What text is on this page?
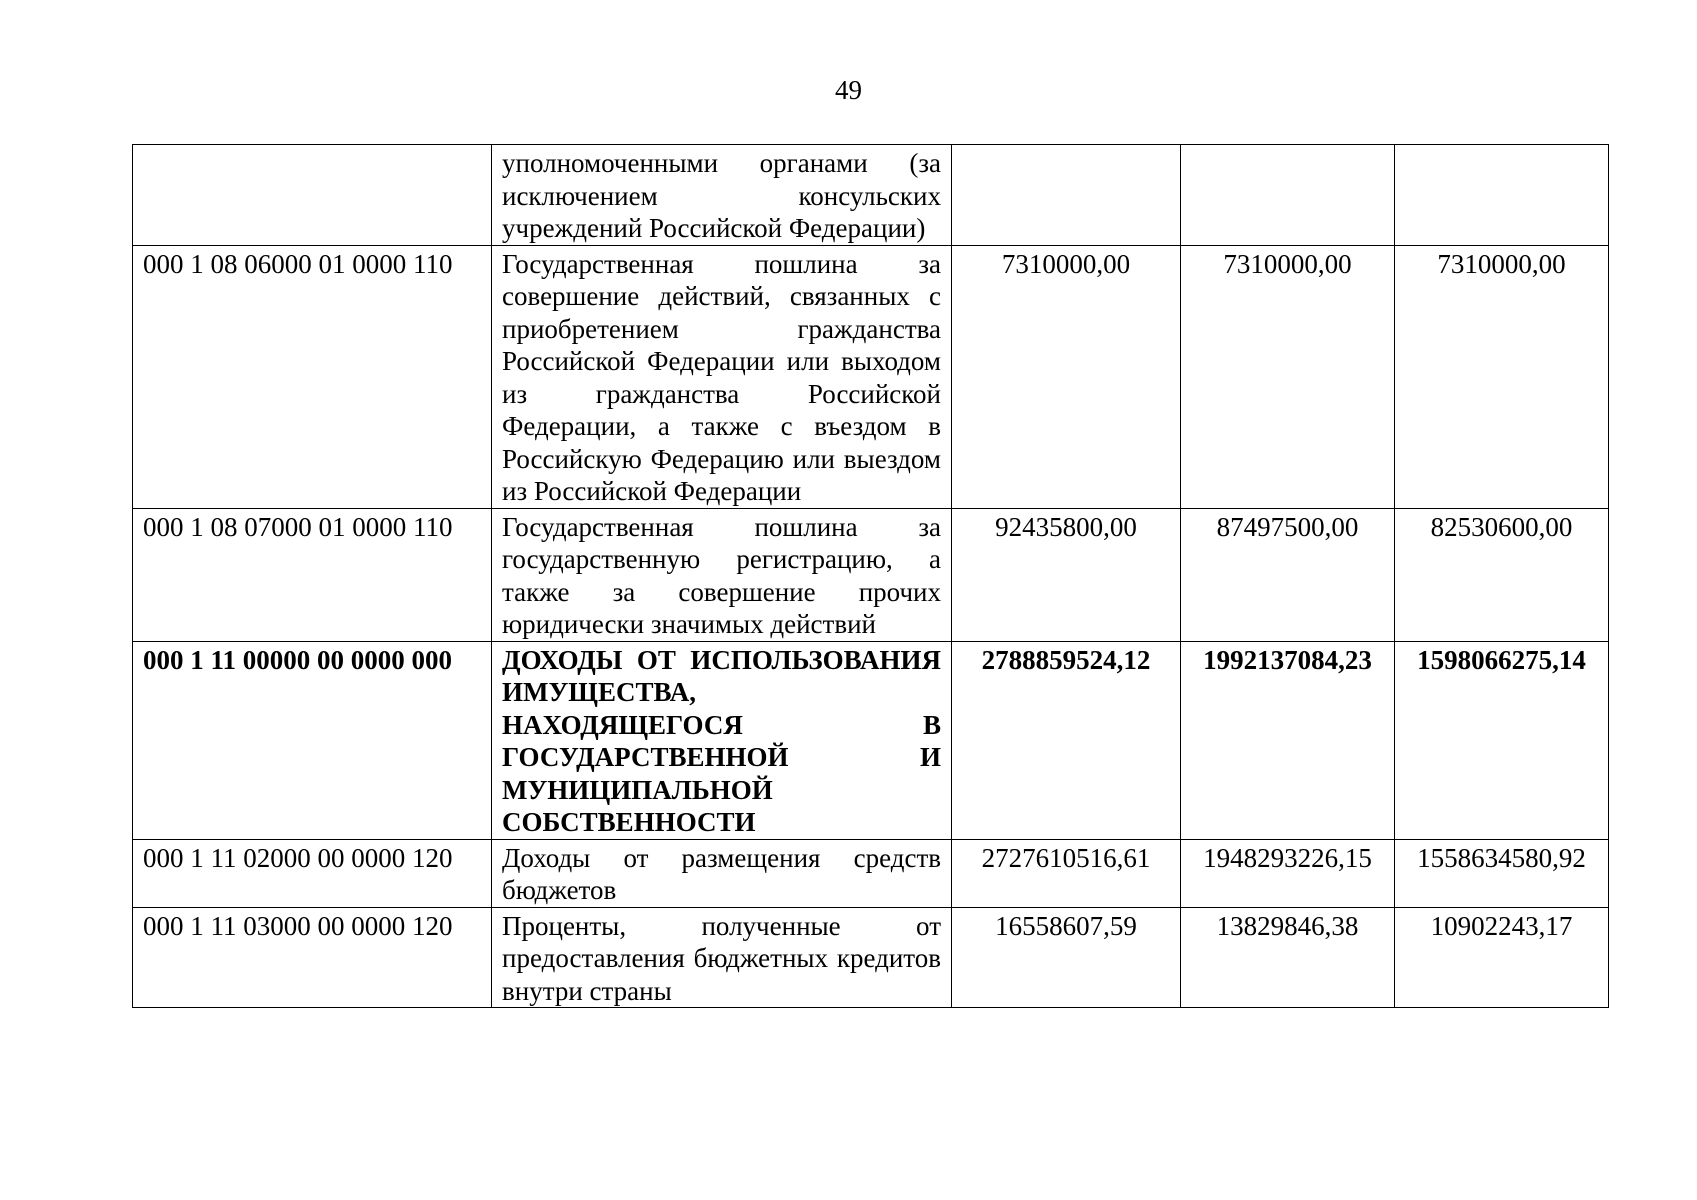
49
	уполномоченными органами (за исключением консульских учреждений Российской Федерации)			
000 1 08 06000 01 0000 110	Государственная пошлина за совершение действий, связанных с приобретением гражданства Российской Федерации или выходом из гражданства Российской Федерации, а также с въездом в Российскую Федерацию или выездом из Российской Федерации	7310000,00	7310000,00	7310000,00
000 1 08 07000 01 0000 110	Государственная пошлина за государственную регистрацию, а также за совершение прочих юридически значимых действий	92435800,00	87497500,00	82530600,00
000 1 11 00000 00 0000 000	ДОХОДЫ ОТ ИСПОЛЬЗОВАНИЯ ИМУЩЕСТВА, НАХОДЯЩЕГОСЯ В ГОСУДАРСТВЕННОЙ И МУНИЦИПАЛЬНОЙ СОБСТВЕННОСТИ	2788859524,12	1992137084,23	1598066275,14
000 1 11 02000 00 0000 120	Доходы от размещения средств бюджетов	2727610516,61	1948293226,15	1558634580,92
000 1 11 03000 00 0000 120	Проценты, полученные от предоставления бюджетных кредитов внутри страны	16558607,59	13829846,38	10902243,17
